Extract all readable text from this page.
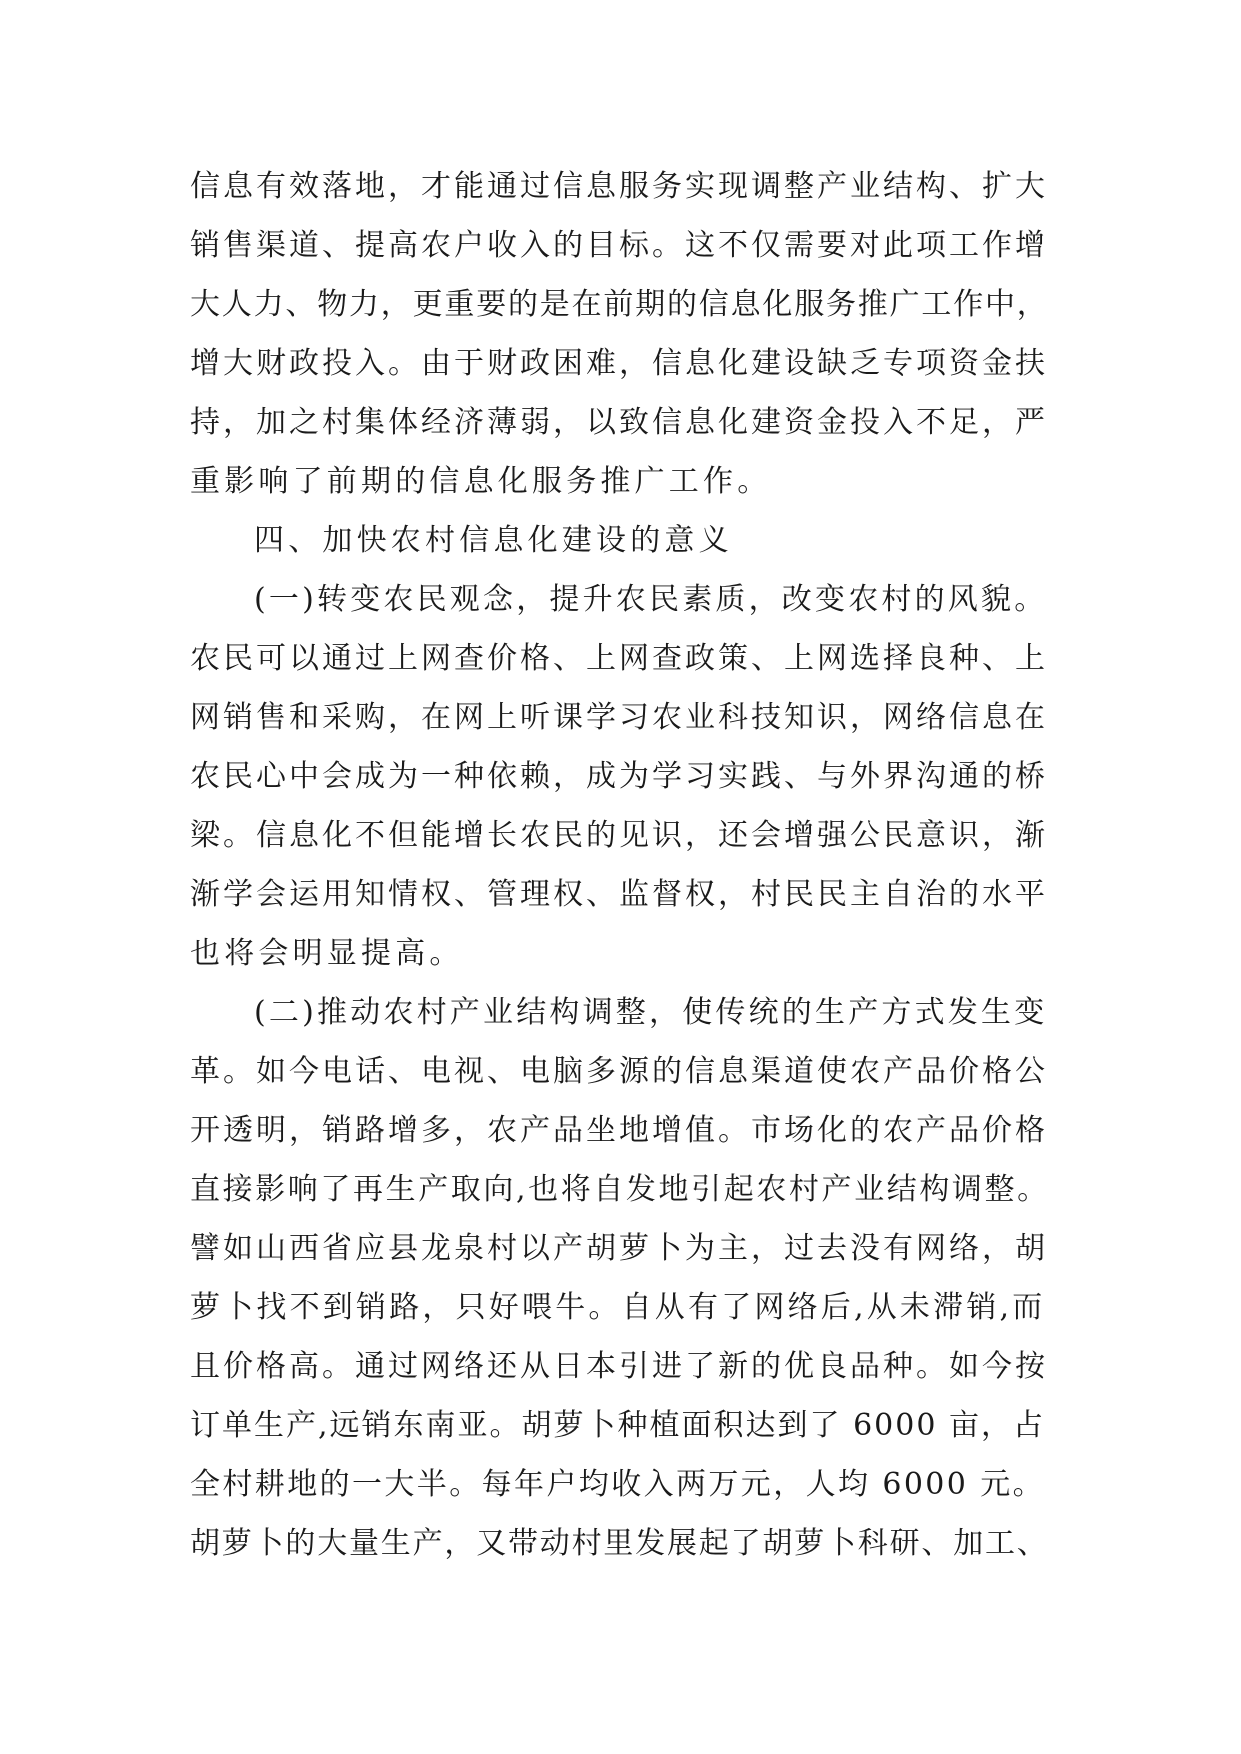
信息有效落地，才能通过信息服务实现调整产业结构、扩大
销售渠道、提高农户收入的目标。这不仅需要对此项工作增
大人力、物力，更重要的是在前期的信息化服务推广工作中，
增大财政投入。由于财政困难，信息化建设缺乏专项资金扶
持，加之村集体经济薄弱，以致信息化建资金投入不足，严
重影响了前期的信息化服务推广工作。
四、加快农村信息化建设的意义
(一)转变农民观念，提升农民素质，改变农村的风貌。
农民可以通过上网查价格、上网查政策、上网选择良种、上
网销售和采购，在网上听课学习农业科技知识，网络信息在
农民心中会成为一种依赖，成为学习实践、与外界沟通的桥
梁。信息化不但能增长农民的见识，还会增强公民意识，渐
渐学会运用知情权、管理权、监督权，村民民主自治的水平
也将会明显提高。
(二)推动农村产业结构调整，使传统的生产方式发生变
革。如今电话、电视、电脑多源的信息渠道使农产品价格公
开透明，销路增多，农产品坐地增值。市场化的农产品价格
直接影响了再生产取向,也将自发地引起农村产业结构调整。
譬如山西省应县龙泉村以产胡萝卜为主，过去没有网络，胡
萝卜找不到销路，只好喂牛。自从有了网络后,从未滞销,而
且价格高。通过网络还从日本引进了新的优良品种。如今按
订单生产,远销东南亚。胡萝卜种植面积达到了 6000 亩，占
全村耕地的一大半。每年户均收入两万元，人均 6000 元。
胡萝卜的大量生产，又带动村里发展起了胡萝卜科研、加工、
